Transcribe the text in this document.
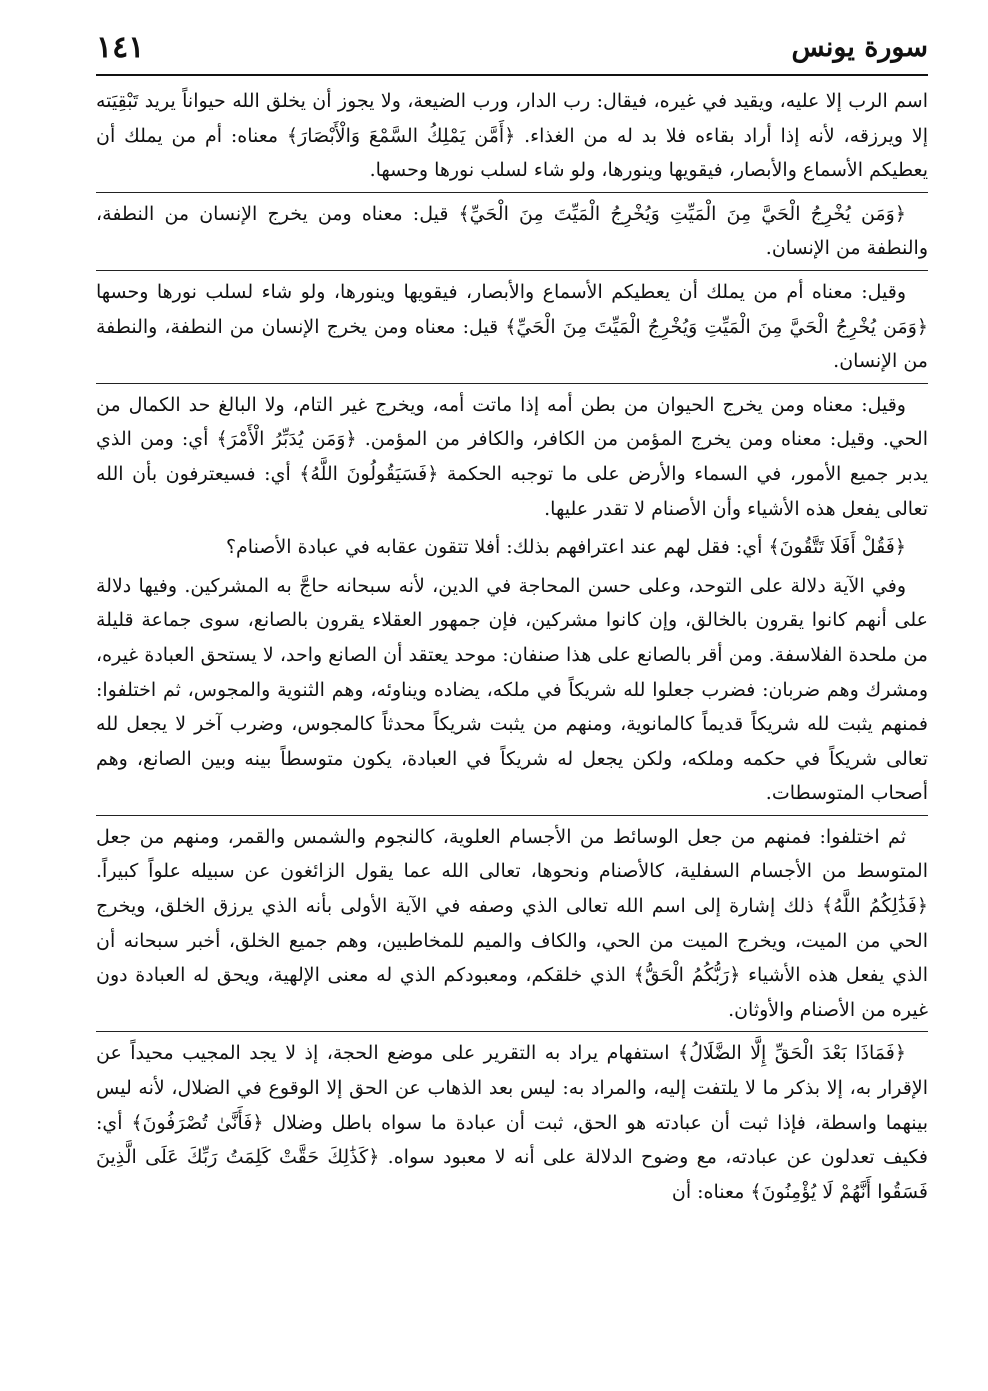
سورة يونس
١٤١

اسم الرب إلا عليه، ويقيد في غيره، فيقال: رب الدار، ورب الضيعة، ولا يجوز أن يخلق الله حيواناً يريد تَبْقِيَته إلا ويرزقه، لأنه إذا أراد بقاءه فلا بد له من الغذاء. ﴿أَمَّن يَمْلِكُ السَّمْعَ وَالْأَبْصَارَ﴾ معناه: أم من يملك أن يعطيكم الأسماع والأبصار، فيقويها وينورها، ولو شاء لسلب نورها وحسها.

﴿وَمَن يُخْرِجُ الْحَيَّ مِنَ الْمَيِّتِ وَيُخْرِجُ الْمَيِّتَ مِنَ الْحَيِّ﴾ قيل: معناه ومن يخرج الإنسان من النطفة، والنطفة من الإنسان.

وقيل: معناه أم من يملك أن يعطيكم الأسماع والأبصار، فيقويها وينورها، ولو شاء لسلب نورها وحسها ﴿وَمَن يُخْرِجُ الْحَيَّ مِنَ الْمَيِّتِ وَيُخْرِجُ الْمَيِّتَ مِنَ الْحَيِّ﴾ قيل: معناه ومن يخرج الإنسان من النطفة، والنطفة من الإنسان.

وقيل: معناه ومن يخرج الحيوان من بطن أمه إذا ماتت أمه، ويخرج غير التام، ولا البالغ حد الكمال من الحي. وقيل: معناه ومن يخرج المؤمن من الكافر، والكافر من المؤمن. ﴿وَمَن يُدَبِّرُ الْأَمْرَ﴾ أي: ومن الذي يدبر جميع الأمور، في السماء والأرض على ما توجبه الحكمة ﴿فَسَيَقُولُونَ اللَّهُ﴾ أي: فسيعترفون بأن الله تعالى يفعل هذه الأشياء وأن الأصنام لا تقدر عليها.

﴿فَقُلْ أَفَلَا تَتَّقُونَ﴾ أي: فقل لهم عند اعترافهم بذلك: أفلا تتقون عقابه في عبادة الأصنام؟

وفي الآية دلالة على التوحد، وعلى حسن المحاجة في الدين، لأنه سبحانه حاجَّ به المشركين. وفيها دلالة على أنهم كانوا يقرون بالخالق، وإن كانوا مشركين، فإن جمهور العقلاء يقرون بالصانع، سوى جماعة قليلة من ملحدة الفلاسفة. ومن أقر بالصانع على هذا صنفان: موحد يعتقد أن الصانع واحد، لا يستحق العبادة غيره، ومشرك وهم ضربان: فضرب جعلوا لله شريكاً في ملكه، يضاده ويناوئه، وهم الثنوية والمجوس، ثم اختلفوا: فمنهم يثبت لله شريكاً قديماً كالمانوية، ومنهم من يثبت شريكاً محدثاً كالمجوس، وضرب آخر لا يجعل لله تعالى شريكاً في حكمه وملكه، ولكن يجعل له شريكاً في العبادة، يكون متوسطاً بينه وبين الصانع، وهم أصحاب المتوسطات.

ثم اختلفوا: فمنهم من جعل الوسائط من الأجسام العلوية، كالنجوم والشمس والقمر، ومنهم من جعل المتوسط من الأجسام السفلية، كالأصنام ونحوها، تعالى الله عما يقول الزائغون عن سبيله علواً كبيراً. ﴿فَذَٰلِكُمُ اللَّهُ﴾ ذلك إشارة إلى اسم الله تعالى الذي وصفه في الآية الأولى بأنه الذي يرزق الخلق، ويخرج الحي من الميت، ويخرج الميت من الحي، والكاف والميم للمخاطبين، وهم جميع الخلق، أخبر سبحانه أن الذي يفعل هذه الأشياء ﴿رَبُّكُمُ الْحَقُّ﴾ الذي خلقكم، ومعبودكم الذي له معنى الإلهية، ويحق له العبادة دون غيره من الأصنام والأوثان.

﴿فَمَاذَا بَعْدَ الْحَقِّ إِلَّا الضَّلَالُ﴾ استفهام يراد به التقرير على موضع الحجة، إذ لا يجد المجيب محيداً عن الإقرار به، إلا بذكر ما لا يلتفت إليه، والمراد به: ليس بعد الذهاب عن الحق إلا الوقوع في الضلال، لأنه ليس بينهما واسطة، فإذا ثبت أن عبادته هو الحق، ثبت أن عبادة ما سواه باطل وضلال ﴿فَأَنَّىٰ تُصْرَفُونَ﴾ أي: فكيف تعدلون عن عبادته، مع وضوح الدلالة على أنه لا معبود سواه. ﴿كَذَٰلِكَ حَقَّتْ كَلِمَتُ رَبِّكَ عَلَى الَّذِينَ فَسَقُوا أَنَّهُمْ لَا يُؤْمِنُونَ﴾ معناه: أن
